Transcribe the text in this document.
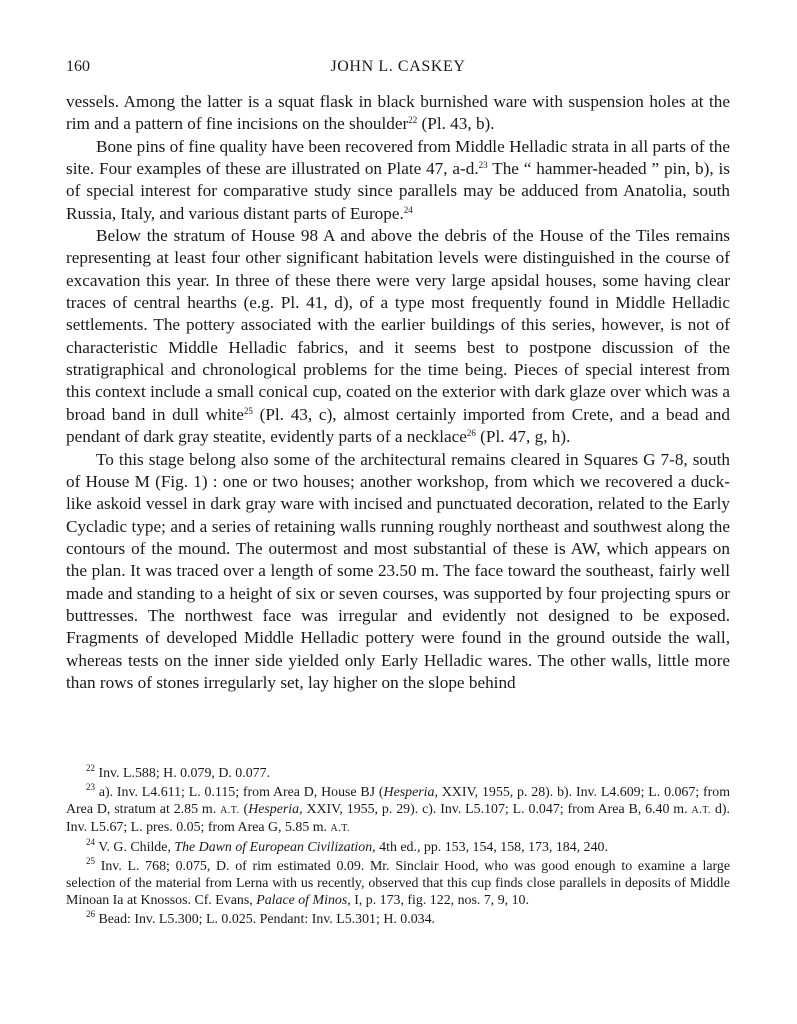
160	JOHN L. CASKEY

vessels. Among the latter is a squat flask in black burnished ware with suspension holes at the rim and a pattern of fine incisions on the shoulder$^{22}$ (Pl. 43, b).

Bone pins of fine quality have been recovered from Middle Helladic strata in all parts of the site. Four examples of these are illustrated on Plate 47, a-d.$^{23}$ The “ hammer-headed ” pin, b), is of special interest for comparative study since parallels may be adduced from Anatolia, south Russia, Italy, and various distant parts of Europe.$^{24}$

Below the stratum of House 98 A and above the debris of the House of the Tiles remains representing at least four other significant habitation levels were distinguished in the course of excavation this year. In three of these there were very large apsidal houses, some having clear traces of central hearths (e.g. Pl. 41, d), of a type most frequently found in Middle Helladic settlements. The pottery associated with the earlier buildings of this series, however, is not of characteristic Middle Helladic fabrics, and it seems best to postpone discussion of the stratigraphical and chronological problems for the time being. Pieces of special interest from this context include a small conical cup, coated on the exterior with dark glaze over which was a broad band in dull white$^{25}$ (Pl. 43, c), almost certainly imported from Crete, and a bead and pendant of dark gray steatite, evidently parts of a necklace$^{26}$ (Pl. 47, g, h).

To this stage belong also some of the architectural remains cleared in Squares G 7-8, south of House M (Fig. 1) : one or two houses; another workshop, from which we recovered a duck-like askoid vessel in dark gray ware with incised and punctuated decoration, related to the Early Cycladic type; and a series of retaining walls running roughly northeast and southwest along the contours of the mound. The outermost and most substantial of these is AW, which appears on the plan. It was traced over a length of some 23.50 m. The face toward the southeast, fairly well made and standing to a height of six or seven courses, was supported by four projecting spurs or buttresses. The northwest face was irregular and evidently not designed to be exposed. Fragments of developed Middle Helladic pottery were found in the ground outside the wall, whereas tests on the inner side yielded only Early Helladic wares. The other walls, little more than rows of stones irregularly set, lay higher on the slope behind

$^{22}$ Inv. L.588; H. 0.079, D. 0.077.

$^{23}$ a). Inv. L4.611; L. 0.115; from Area D, House BJ (Hesperia, XXIV, 1955, p. 28). b). Inv. L4.609; L. 0.067; from Area D, stratum at 2.85 m. A.T. (Hesperia, XXIV, 1955, p. 29). c). Inv. L5.107; L. 0.047; from Area B, 6.40 m. A.T. d). Inv. L5.67; L. pres. 0.05; from Area G, 5.85 m. A.T.

$^{24}$ V. G. Childe, The Dawn of European Civilization, 4th ed., pp. 153, 154, 158, 173, 184, 240.

$^{25}$ Inv. L. 768; 0.075, D. of rim estimated 0.09. Mr. Sinclair Hood, who was good enough to examine a large selection of the material from Lerna with us recently, observed that this cup finds close parallels in deposits of Middle Minoan Ia at Knossos. Cf. Evans, Palace of Minos, I, p. 173, fig. 122, nos. 7, 9, 10.

$^{26}$ Bead: Inv. L5.300; L. 0.025. Pendant: Inv. L5.301; H. 0.034.
